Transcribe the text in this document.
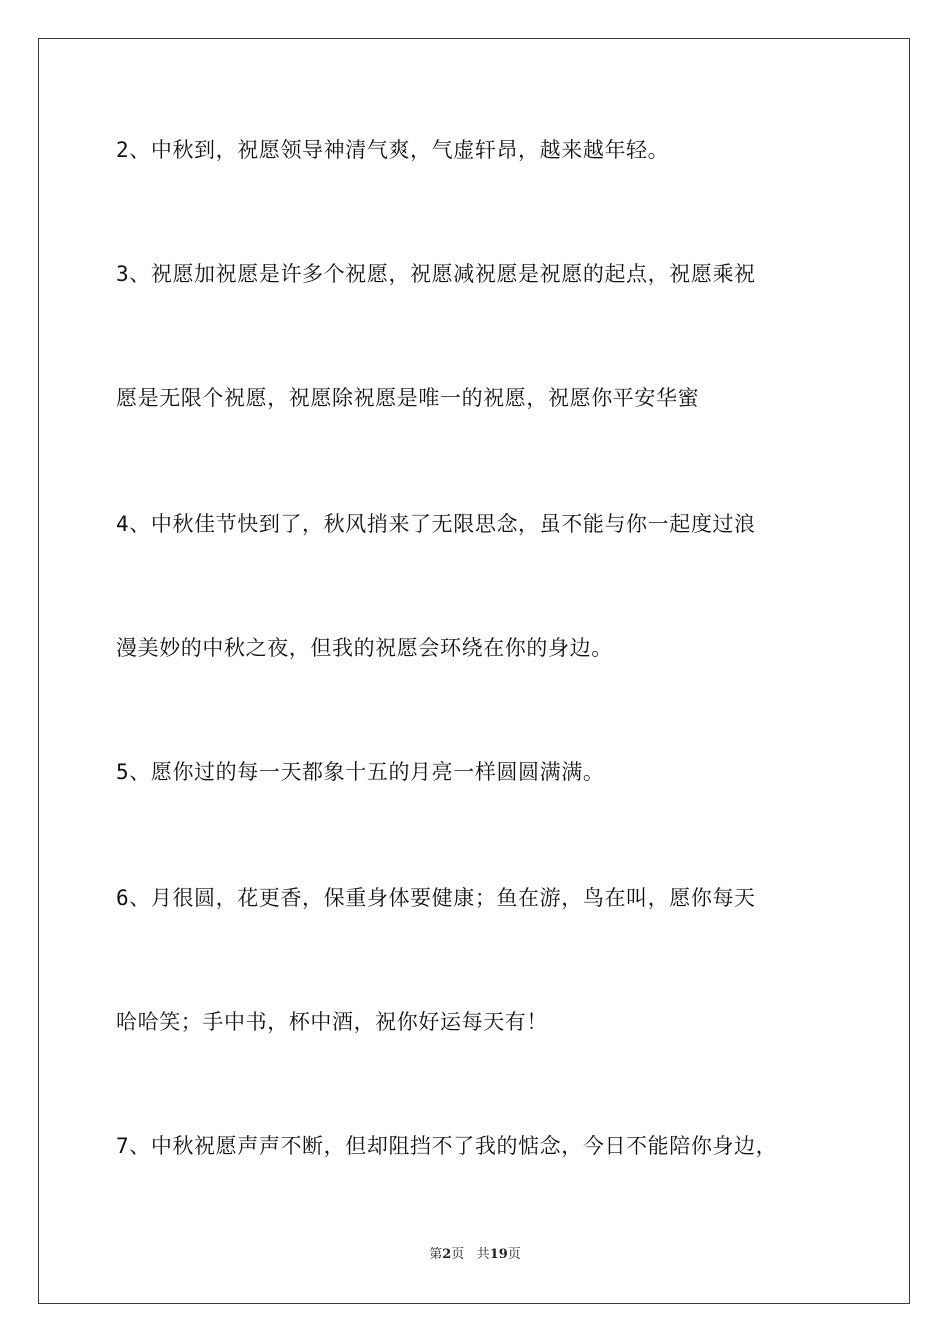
2、中秋到，祝愿领导神清气爽，气虚轩昂，越来越年轻。
3、祝愿加祝愿是许多个祝愿，祝愿减祝愿是祝愿的起点，祝愿乘祝
愿是无限个祝愿，祝愿除祝愿是唯一的祝愿，祝愿你平安华蜜
4、中秋佳节快到了，秋风捎来了无限思念，虽不能与你一起度过浪
漫美妙的中秋之夜，但我的祝愿会环绕在你的身边。
5、愿你过的每一天都象十五的月亮一样圆圆满满。
6、月很圆，花更香，保重身体要健康；鱼在游，鸟在叫，愿你每天
哈哈笑；手中书，杯中酒，祝你好运每天有！
7、中秋祝愿声声不断，但却阻挡不了我的惦念，今日不能陪你身边，
第2页 共19页
